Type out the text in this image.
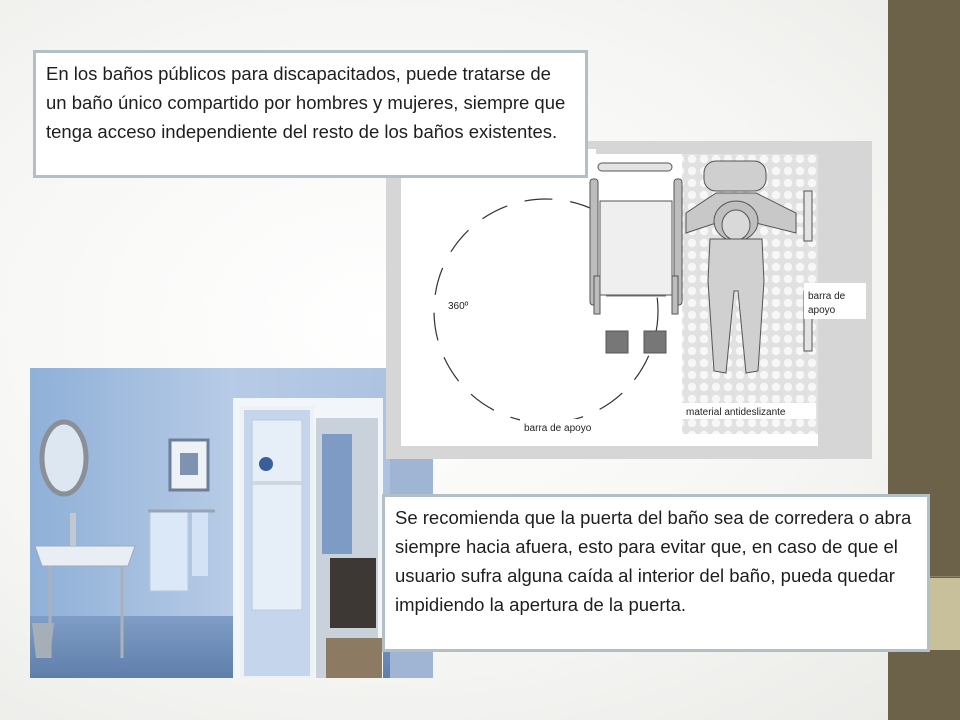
barra de
apoyo
360º
material antideslizante
barra de apoyo
En los baños públicos para discapacitados, puede tratarse de un baño único compartido por hombres y mujeres, siempre que tenga acceso independiente del resto de los baños existentes.
Se recomienda que la puerta del baño sea de corredera o abra siempre hacia afuera, esto para evitar que, en caso de que el usuario sufra alguna caída al interior del baño, pueda quedar impidiendo la apertura de la puerta.
